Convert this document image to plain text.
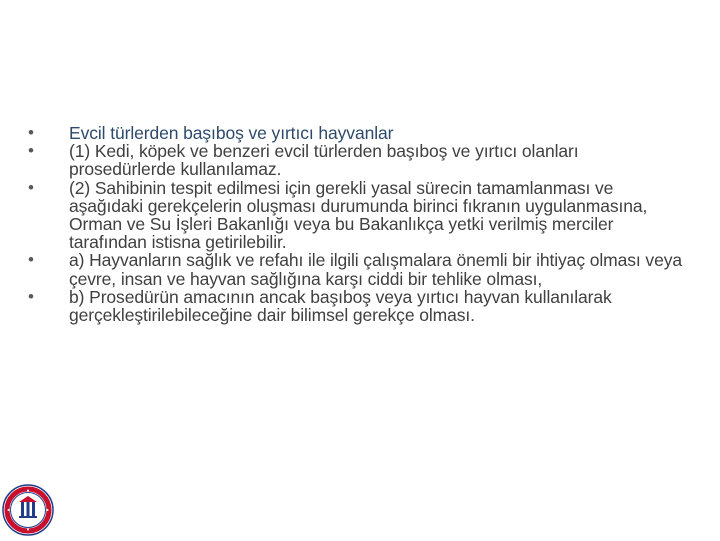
• Evcil türlerden başıboş ve yırtıcı hayvanlar
• (1) Kedi, köpek ve benzeri evcil türlerden başıboş ve yırtıcı olanları prosedürlerde kullanılamaz.
• (2) Sahibinin tespit edilmesi için gerekli yasal sürecin tamamlanması ve aşağıdaki gerekçelerin oluşması durumunda birinci fıkranın uygulanmasına, Orman ve Su İşleri Bakanlığı veya bu Bakanlıkça yetki verilmiş merciler tarafından istisna getirilebilir.
• a) Hayvanların sağlık ve refahı ile ilgili çalışmalara önemli bir ihtiyaç olması veya çevre, insan ve hayvan sağlığına karşı ciddi bir tehlike olması,
• b) Prosedürün amacının ancak başıboş veya yırtıcı hayvan kullanılarak gerçekleştirilebileceğine dair bilimsel gerekçe olması.
